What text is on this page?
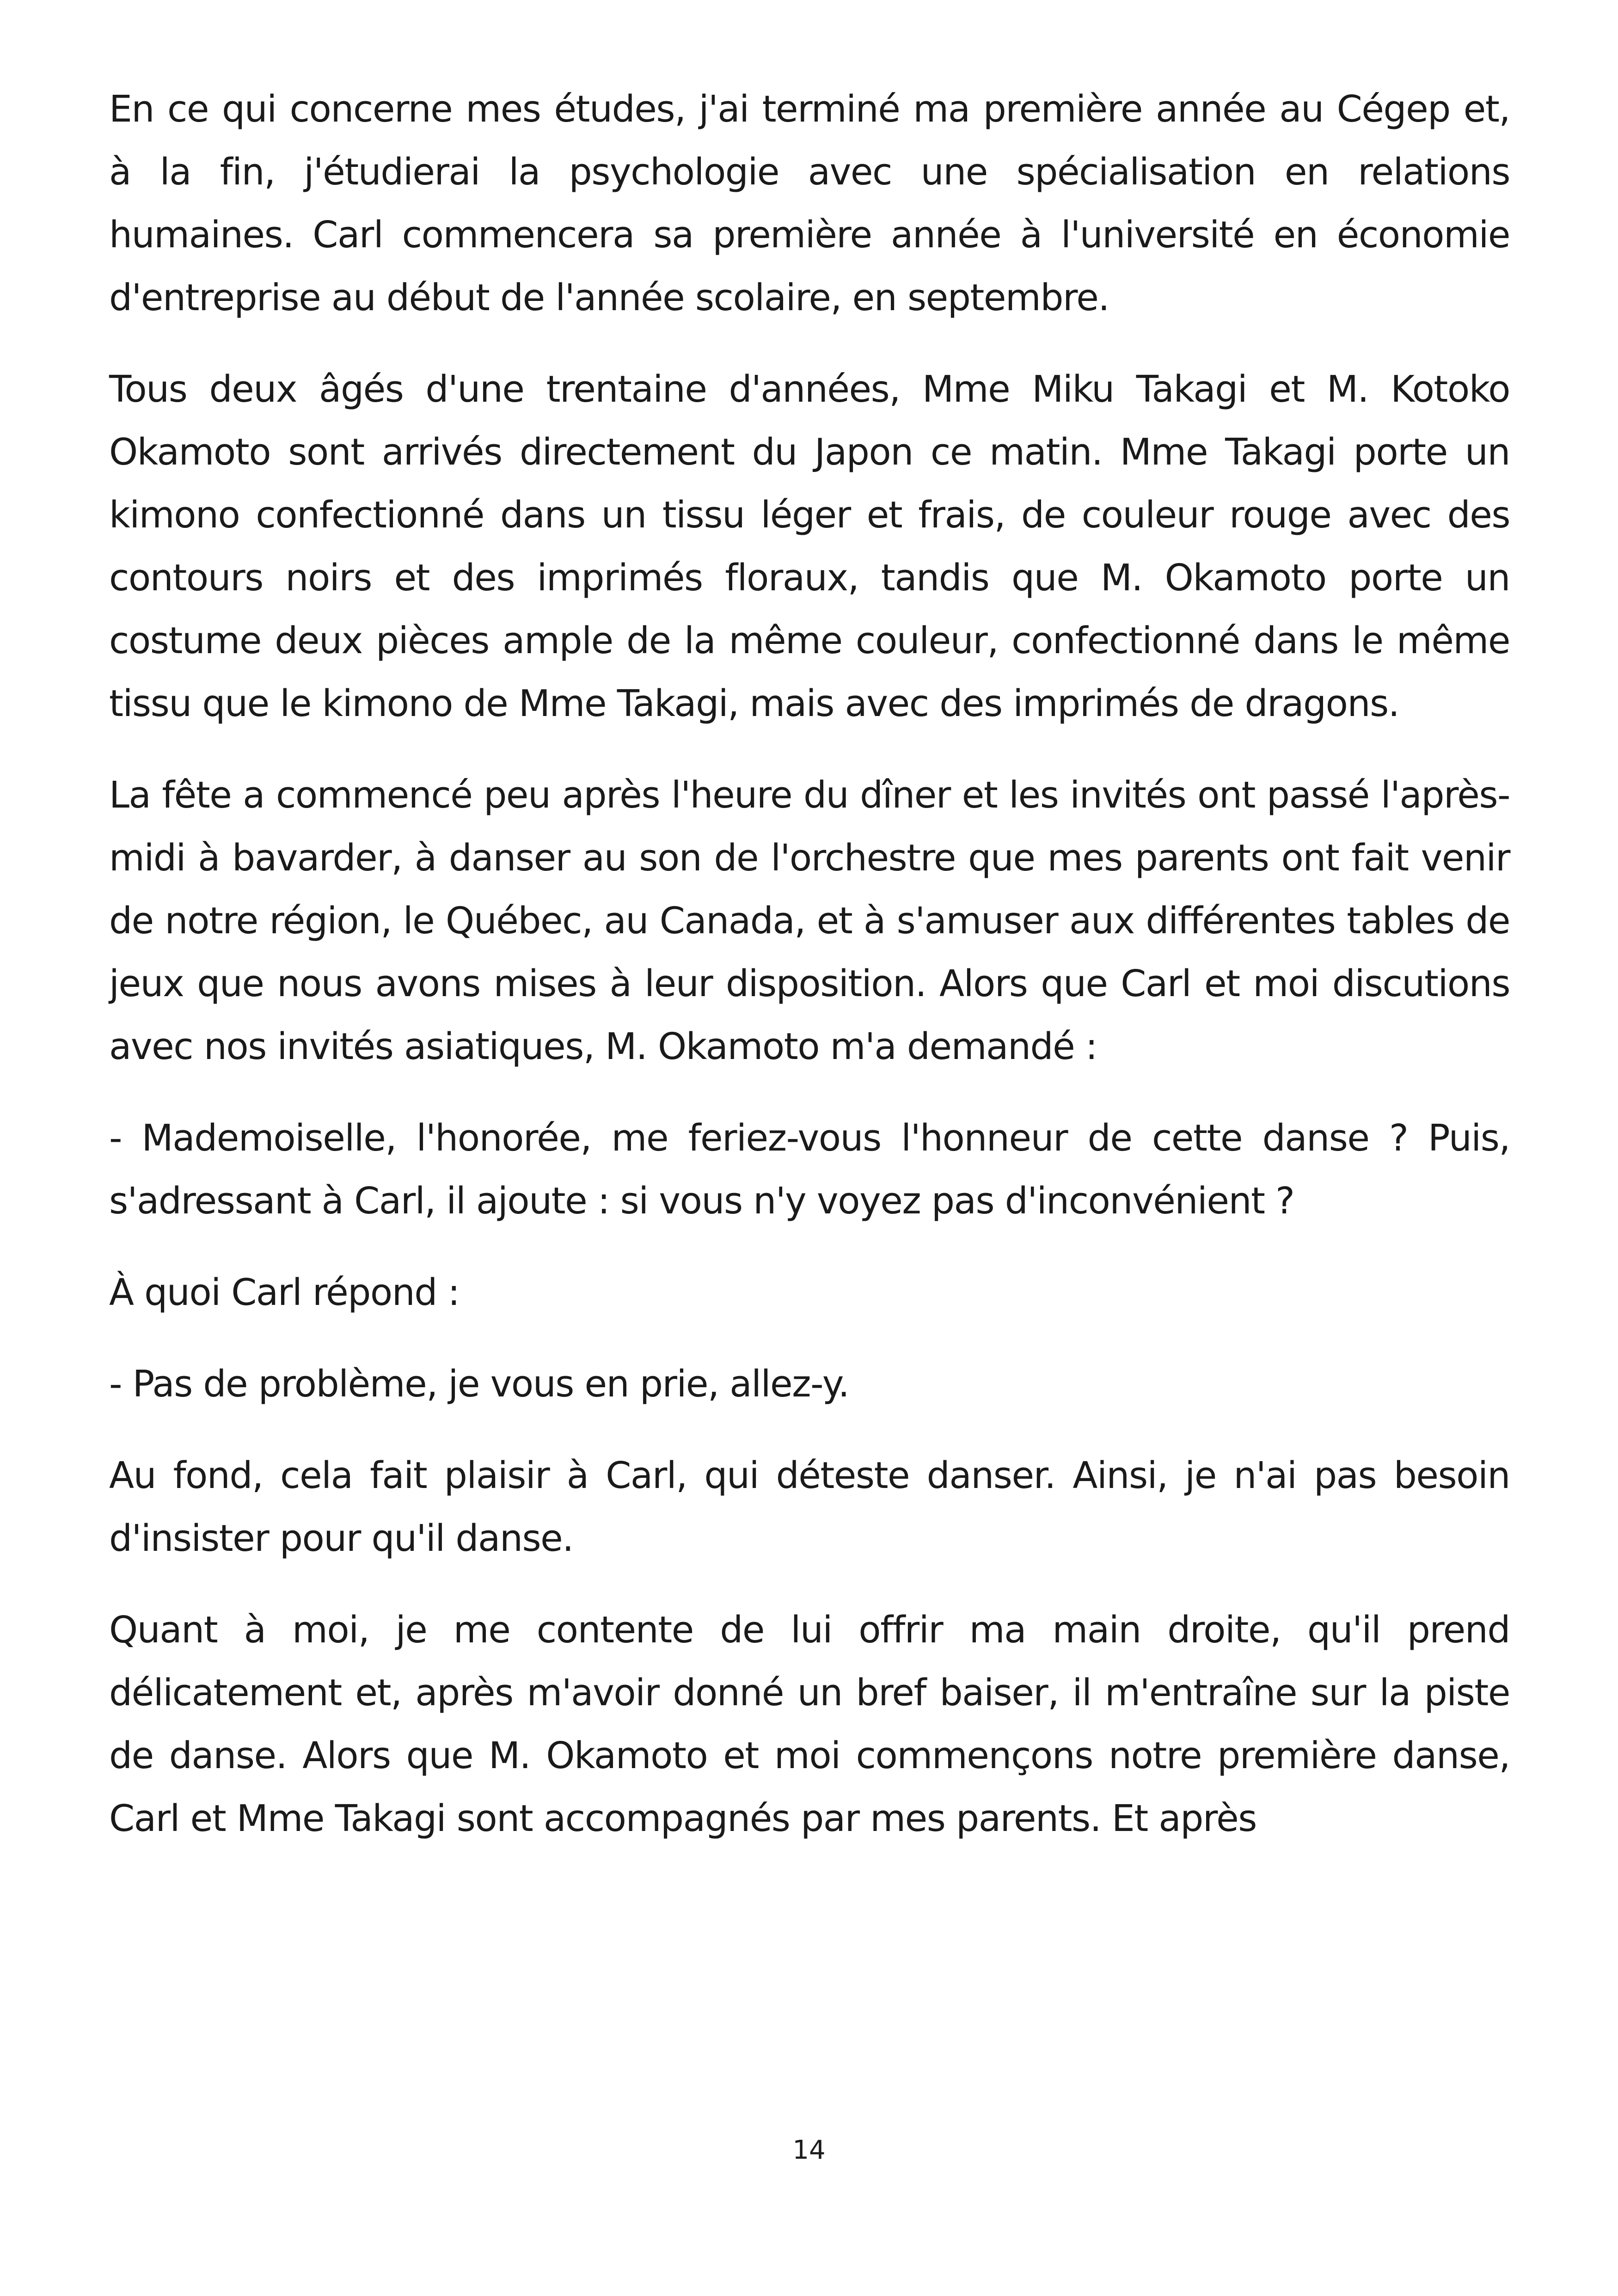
En ce qui concerne mes études, j'ai terminé ma première année au Cégep et, à la fin, j'étudierai la psychologie avec une spécialisation en relations humaines. Carl commencera sa première année à l'université en économie d'entreprise au début de l'année scolaire, en septembre.

Tous deux âgés d'une trentaine d'années, Mme Miku Takagi et M. Kotoko Okamoto sont arrivés directement du Japon ce matin. Mme Takagi porte un kimono confectionné dans un tissu léger et frais, de couleur rouge avec des contours noirs et des imprimés floraux, tandis que M. Okamoto porte un costume deux pièces ample de la même couleur, confectionné dans le même tissu que le kimono de Mme Takagi, mais avec des imprimés de dragons.

La fête a commencé peu après l'heure du dîner et les invités ont passé l'après-midi à bavarder, à danser au son de l'orchestre que mes parents ont fait venir de notre région, le Québec, au Canada, et à s'amuser aux différentes tables de jeux que nous avons mises à leur disposition. Alors que Carl et moi discutions avec nos invités asiatiques, M. Okamoto m'a demandé :

- Mademoiselle, l'honorée, me feriez-vous l'honneur de cette danse ? Puis, s'adressant à Carl, il ajoute : si vous n'y voyez pas d'inconvénient ?

À quoi Carl répond :

- Pas de problème, je vous en prie, allez-y.

Au fond, cela fait plaisir à Carl, qui déteste danser. Ainsi, je n'ai pas besoin d'insister pour qu'il danse.

Quant à moi, je me contente de lui offrir ma main droite, qu'il prend délicatement et, après m'avoir donné un bref baiser, il m'entraîne sur la piste de danse. Alors que M. Okamoto et moi commençons notre première danse, Carl et Mme Takagi sont accompagnés par mes parents. Et après

14
